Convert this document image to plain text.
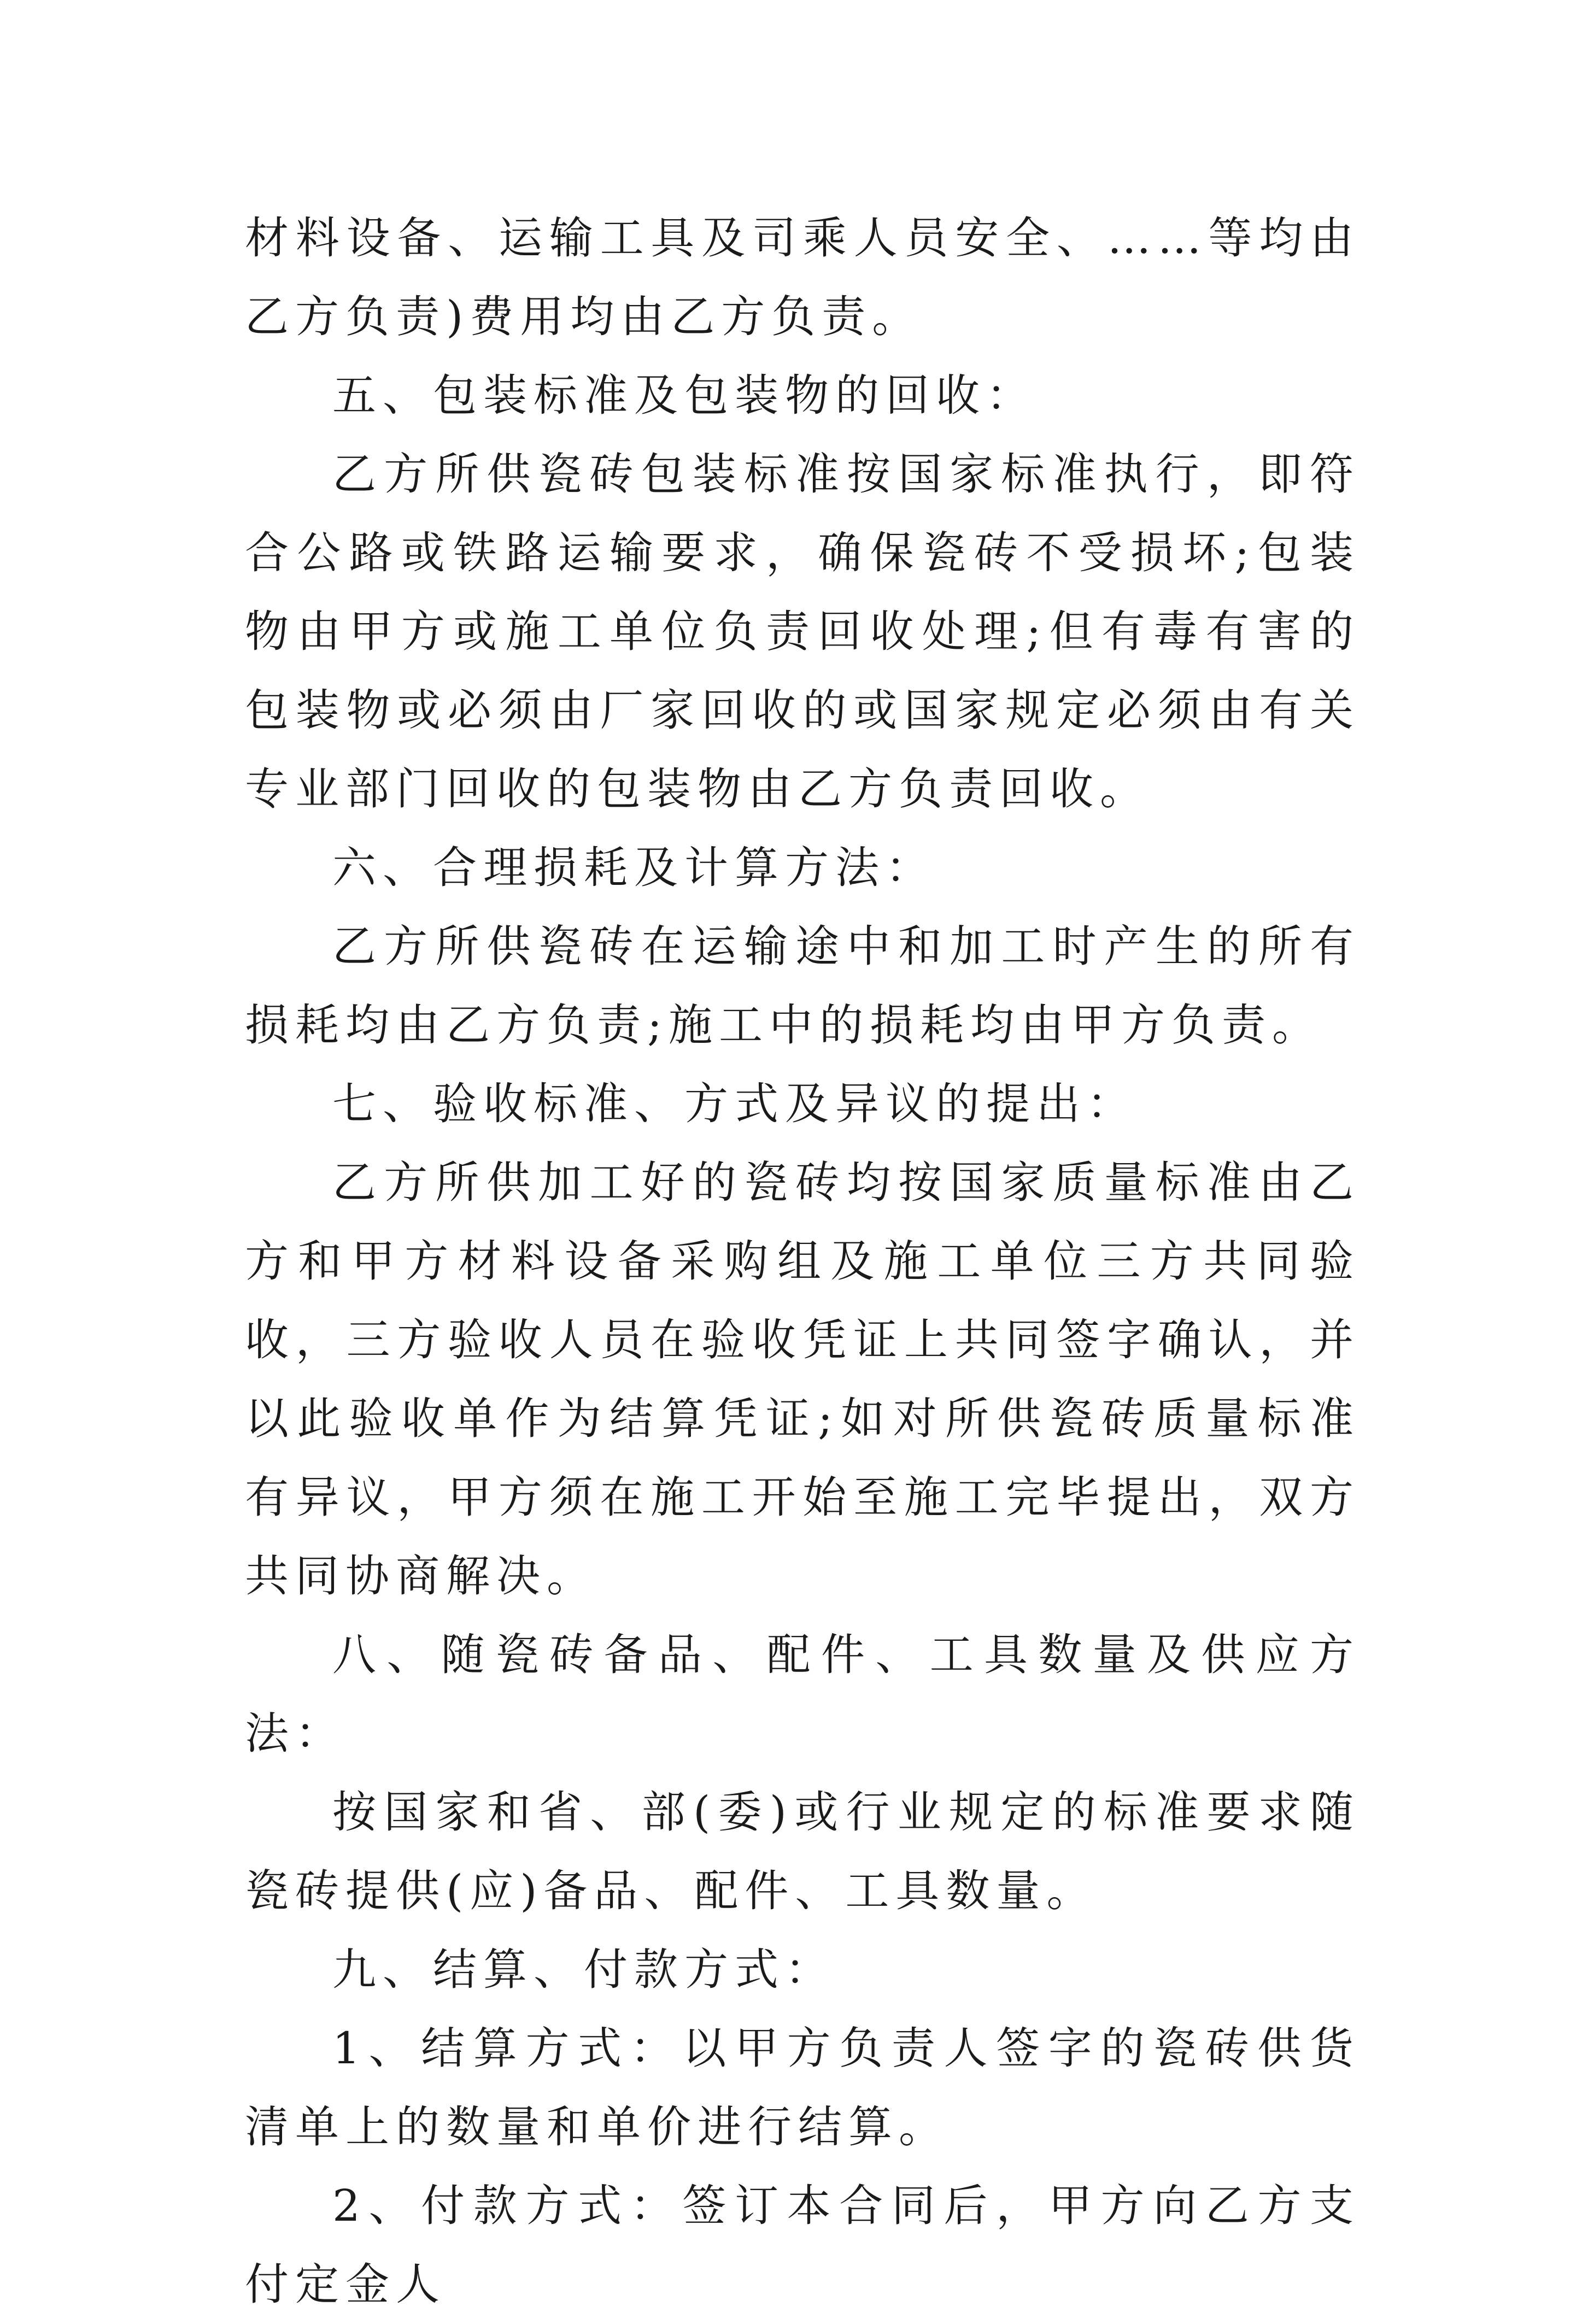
材料设备、运输工具及司乘人员安全、……等均由乙方负责)费用均由乙方负责。

五、包装标准及包装物的回收：

乙方所供瓷砖包装标准按国家标准执行，即符合公路或铁路运输要求，确保瓷砖不受损坏;包装物由甲方或施工单位负责回收处理;但有毒有害的包装物或必须由厂家回收的或国家规定必须由有关专业部门回收的包装物由乙方负责回收。

六、合理损耗及计算方法：

乙方所供瓷砖在运输途中和加工时产生的所有损耗均由乙方负责;施工中的损耗均由甲方负责。

七、验收标准、方式及异议的提出：

乙方所供加工好的瓷砖均按国家质量标准由乙方和甲方材料设备采购组及施工单位三方共同验收，三方验收人员在验收凭证上共同签字确认，并以此验收单作为结算凭证;如对所供瓷砖质量标准有异议，甲方须在施工开始至施工完毕提出，双方共同协商解决。

八、随瓷砖备品、配件、工具数量及供应方法：

按国家和省、部(委)或行业规定的标准要求随瓷砖提供(应)备品、配件、工具数量。

九、结算、付款方式：

1、结算方式：以甲方负责人签字的瓷砖供货清单上的数量和单价进行结算。

2、付款方式：签订本合同后，甲方向乙方支付定金人
